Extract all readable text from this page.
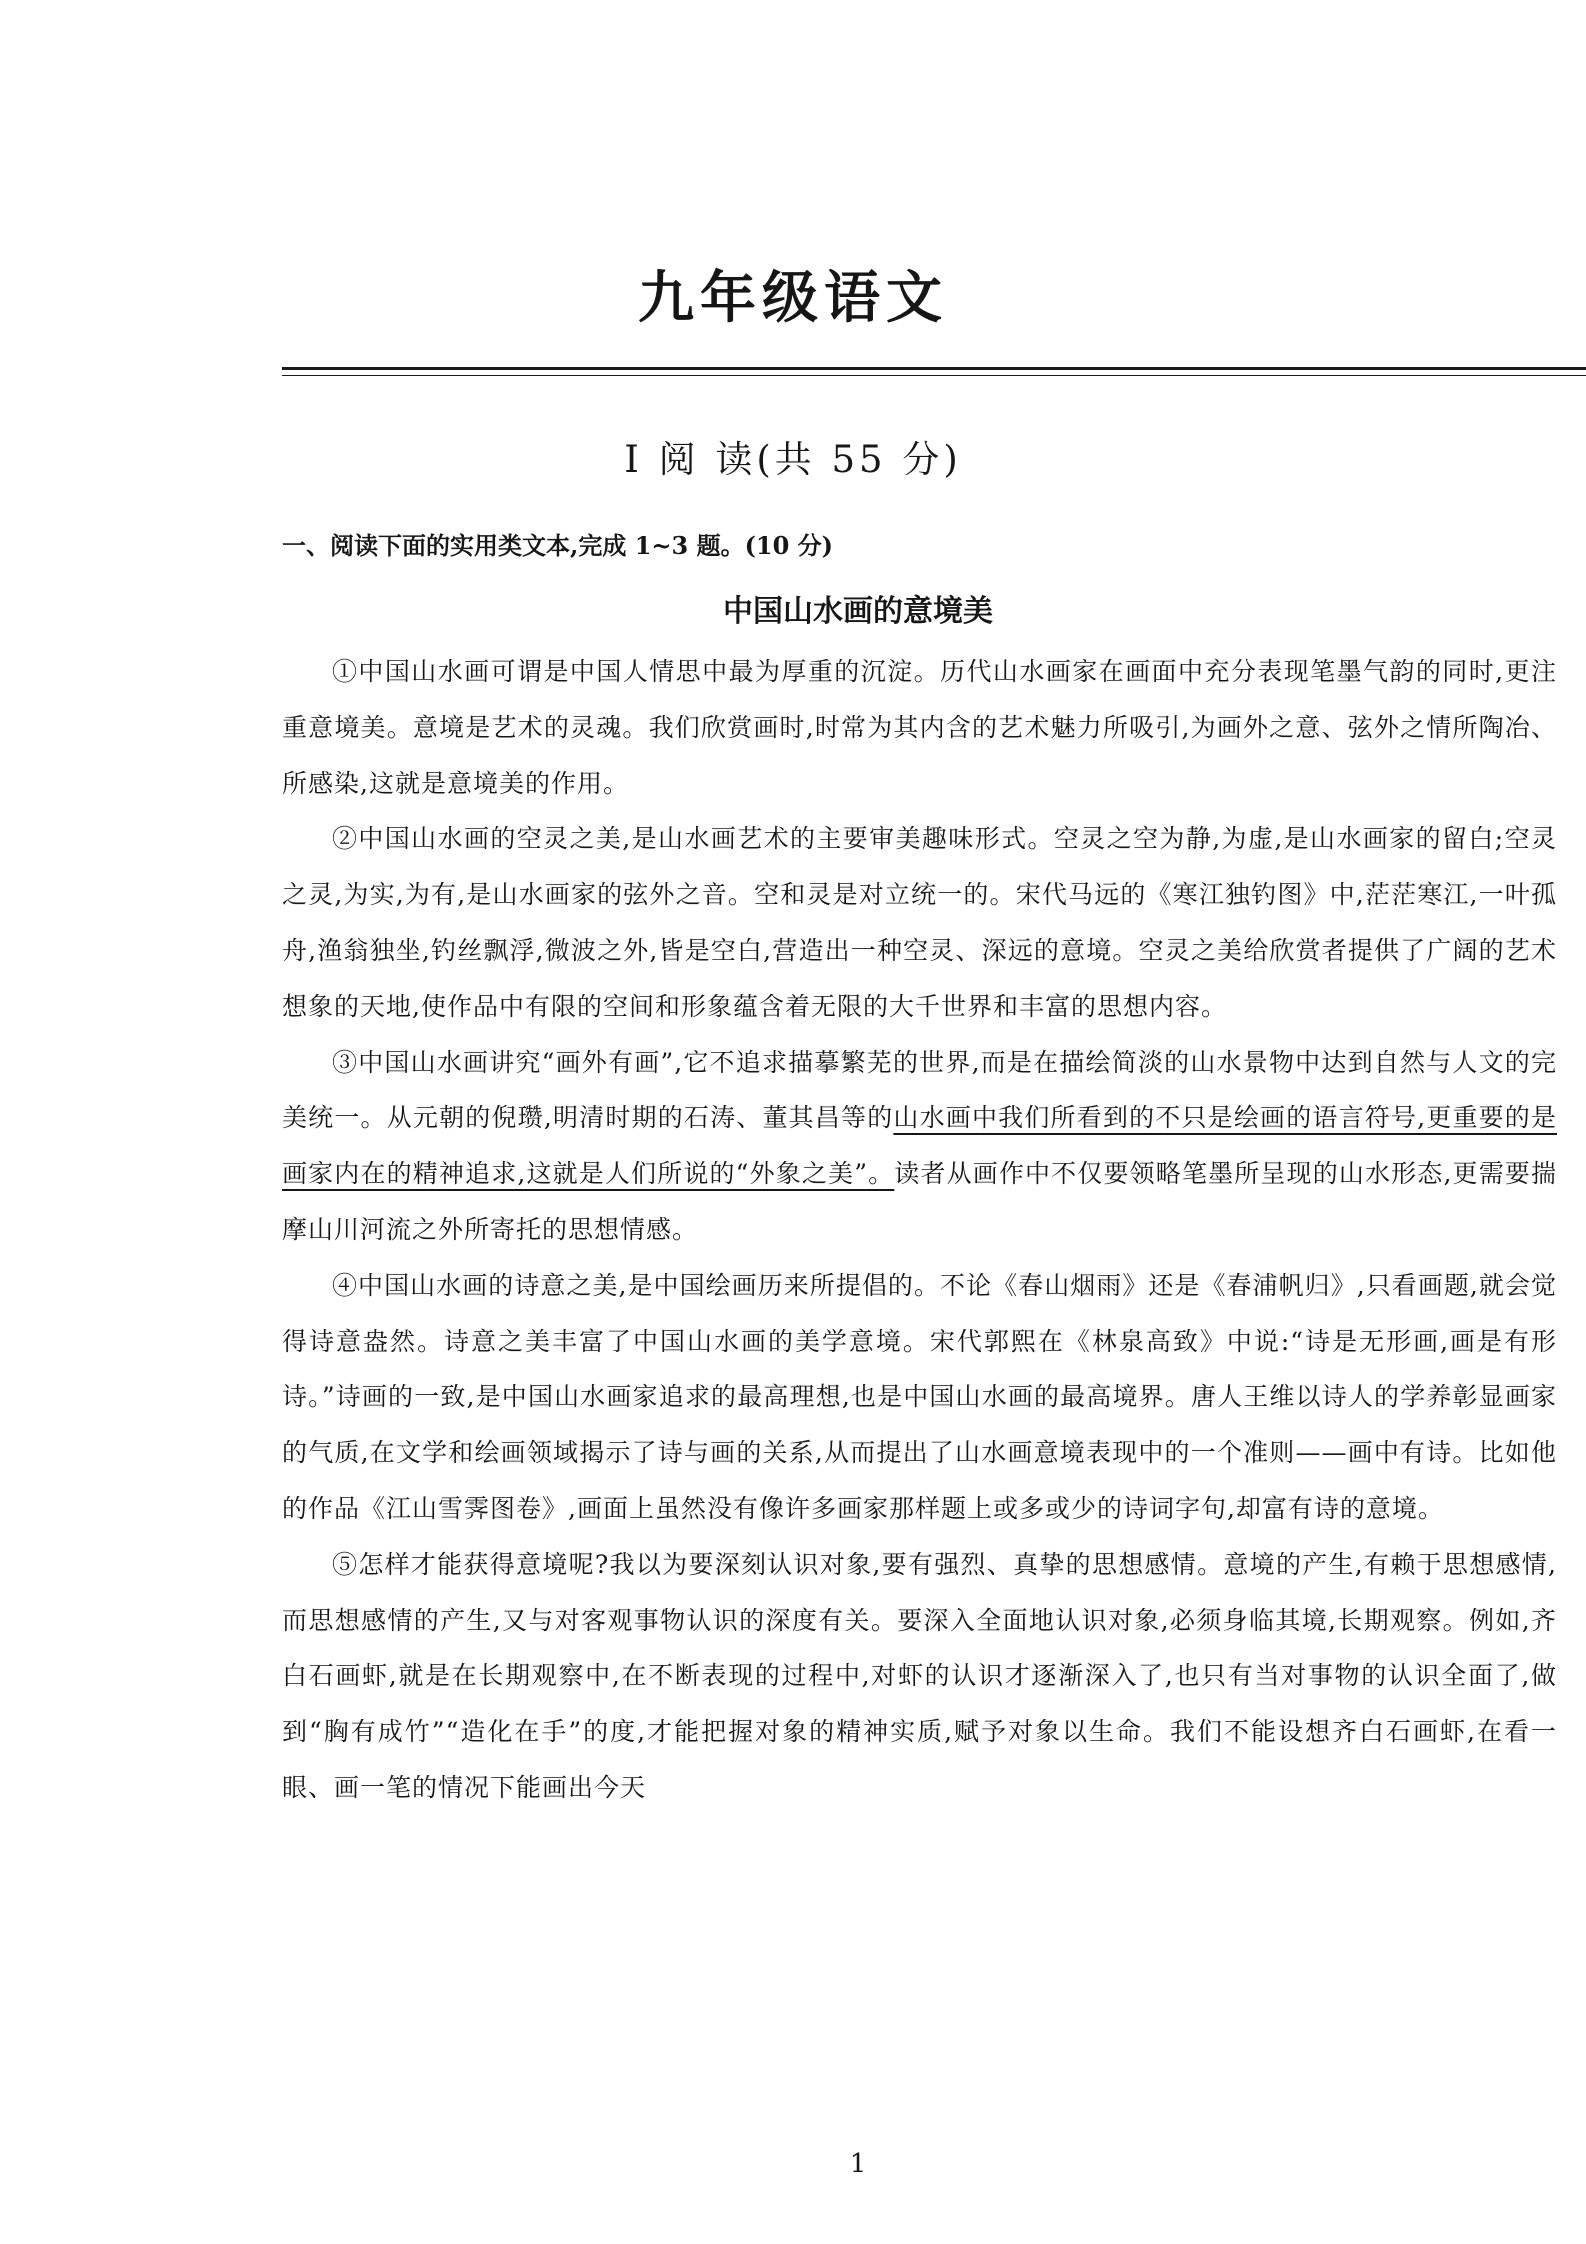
九年级语文
Ⅰ 阅 读(共 55 分)
一、阅读下面的实用类文本,完成 1~3 题。(10 分)
中国山水画的意境美

①中国山水画可谓是中国人情思中最为厚重的沉淀。历代山水画家在画面中充分表现笔墨气韵的同时,更注重意境美。意境是艺术的灵魂。我们欣赏画时,时常为其内含的艺术魅力所吸引,为画外之意、弦外之情所陶冶、所感染,这就是意境美的作用。

②中国山水画的空灵之美,是山水画艺术的主要审美趣味形式。空灵之空为静,为虚,是山水画家的留白;空灵之灵,为实,为有,是山水画家的弦外之音。空和灵是对立统一的。宋代马远的《寒江独钓图》中,茫茫寒江,一叶孤舟,渔翁独坐,钓丝飘浮,微波之外,皆是空白,营造出一种空灵、深远的意境。空灵之美给欣赏者提供了广阔的艺术想象的天地,使作品中有限的空间和形象蕴含着无限的大千世界和丰富的思想内容。

③中国山水画讲究“画外有画”,它不追求描摹繁芜的世界,而是在描绘简淡的山水景物中达到自然与人文的完美统一。从元朝的倪瓒,明清时期的石涛、董其昌等的山水画中我们所看到的不只是绘画的语言符号,更重要的是画家内在的精神追求,这就是人们所说的“外象之美”。读者从画作中不仅要领略笔墨所呈现的山水形态,更需要揣摩山川河流之外所寄托的思想情感。

④中国山水画的诗意之美,是中国绘画历来所提倡的。不论《春山烟雨》还是《春浦帆归》,只看画题,就会觉得诗意盎然。诗意之美丰富了中国山水画的美学意境。宋代郭熙在《林泉高致》中说:“诗是无形画,画是有形诗。”诗画的一致,是中国山水画家追求的最高理想,也是中国山水画的最高境界。唐人王维以诗人的学养彰显画家的气质,在文学和绘画领域揭示了诗与画的关系,从而提出了山水画意境表现中的一个准则——画中有诗。比如他的作品《江山雪霁图卷》,画面上虽然没有像许多画家那样题上或多或少的诗词字句,却富有诗的意境。

⑤怎样才能获得意境呢?我以为要深刻认识对象,要有强烈、真挚的思想感情。意境的产生,有赖于思想感情,而思想感情的产生,又与对客观事物认识的深度有关。要深入全面地认识对象,必须身临其境,长期观察。例如,齐白石画虾,就是在长期观察中,在不断表现的过程中,对虾的认识才逐渐深入了,也只有当对事物的认识全面了,做到“胸有成竹”“造化在手”的度,才能把握对象的精神实质,赋予对象以生命。我们不能设想齐白石画虾,在看一眼、画一笔的情况下能画出今天

1
